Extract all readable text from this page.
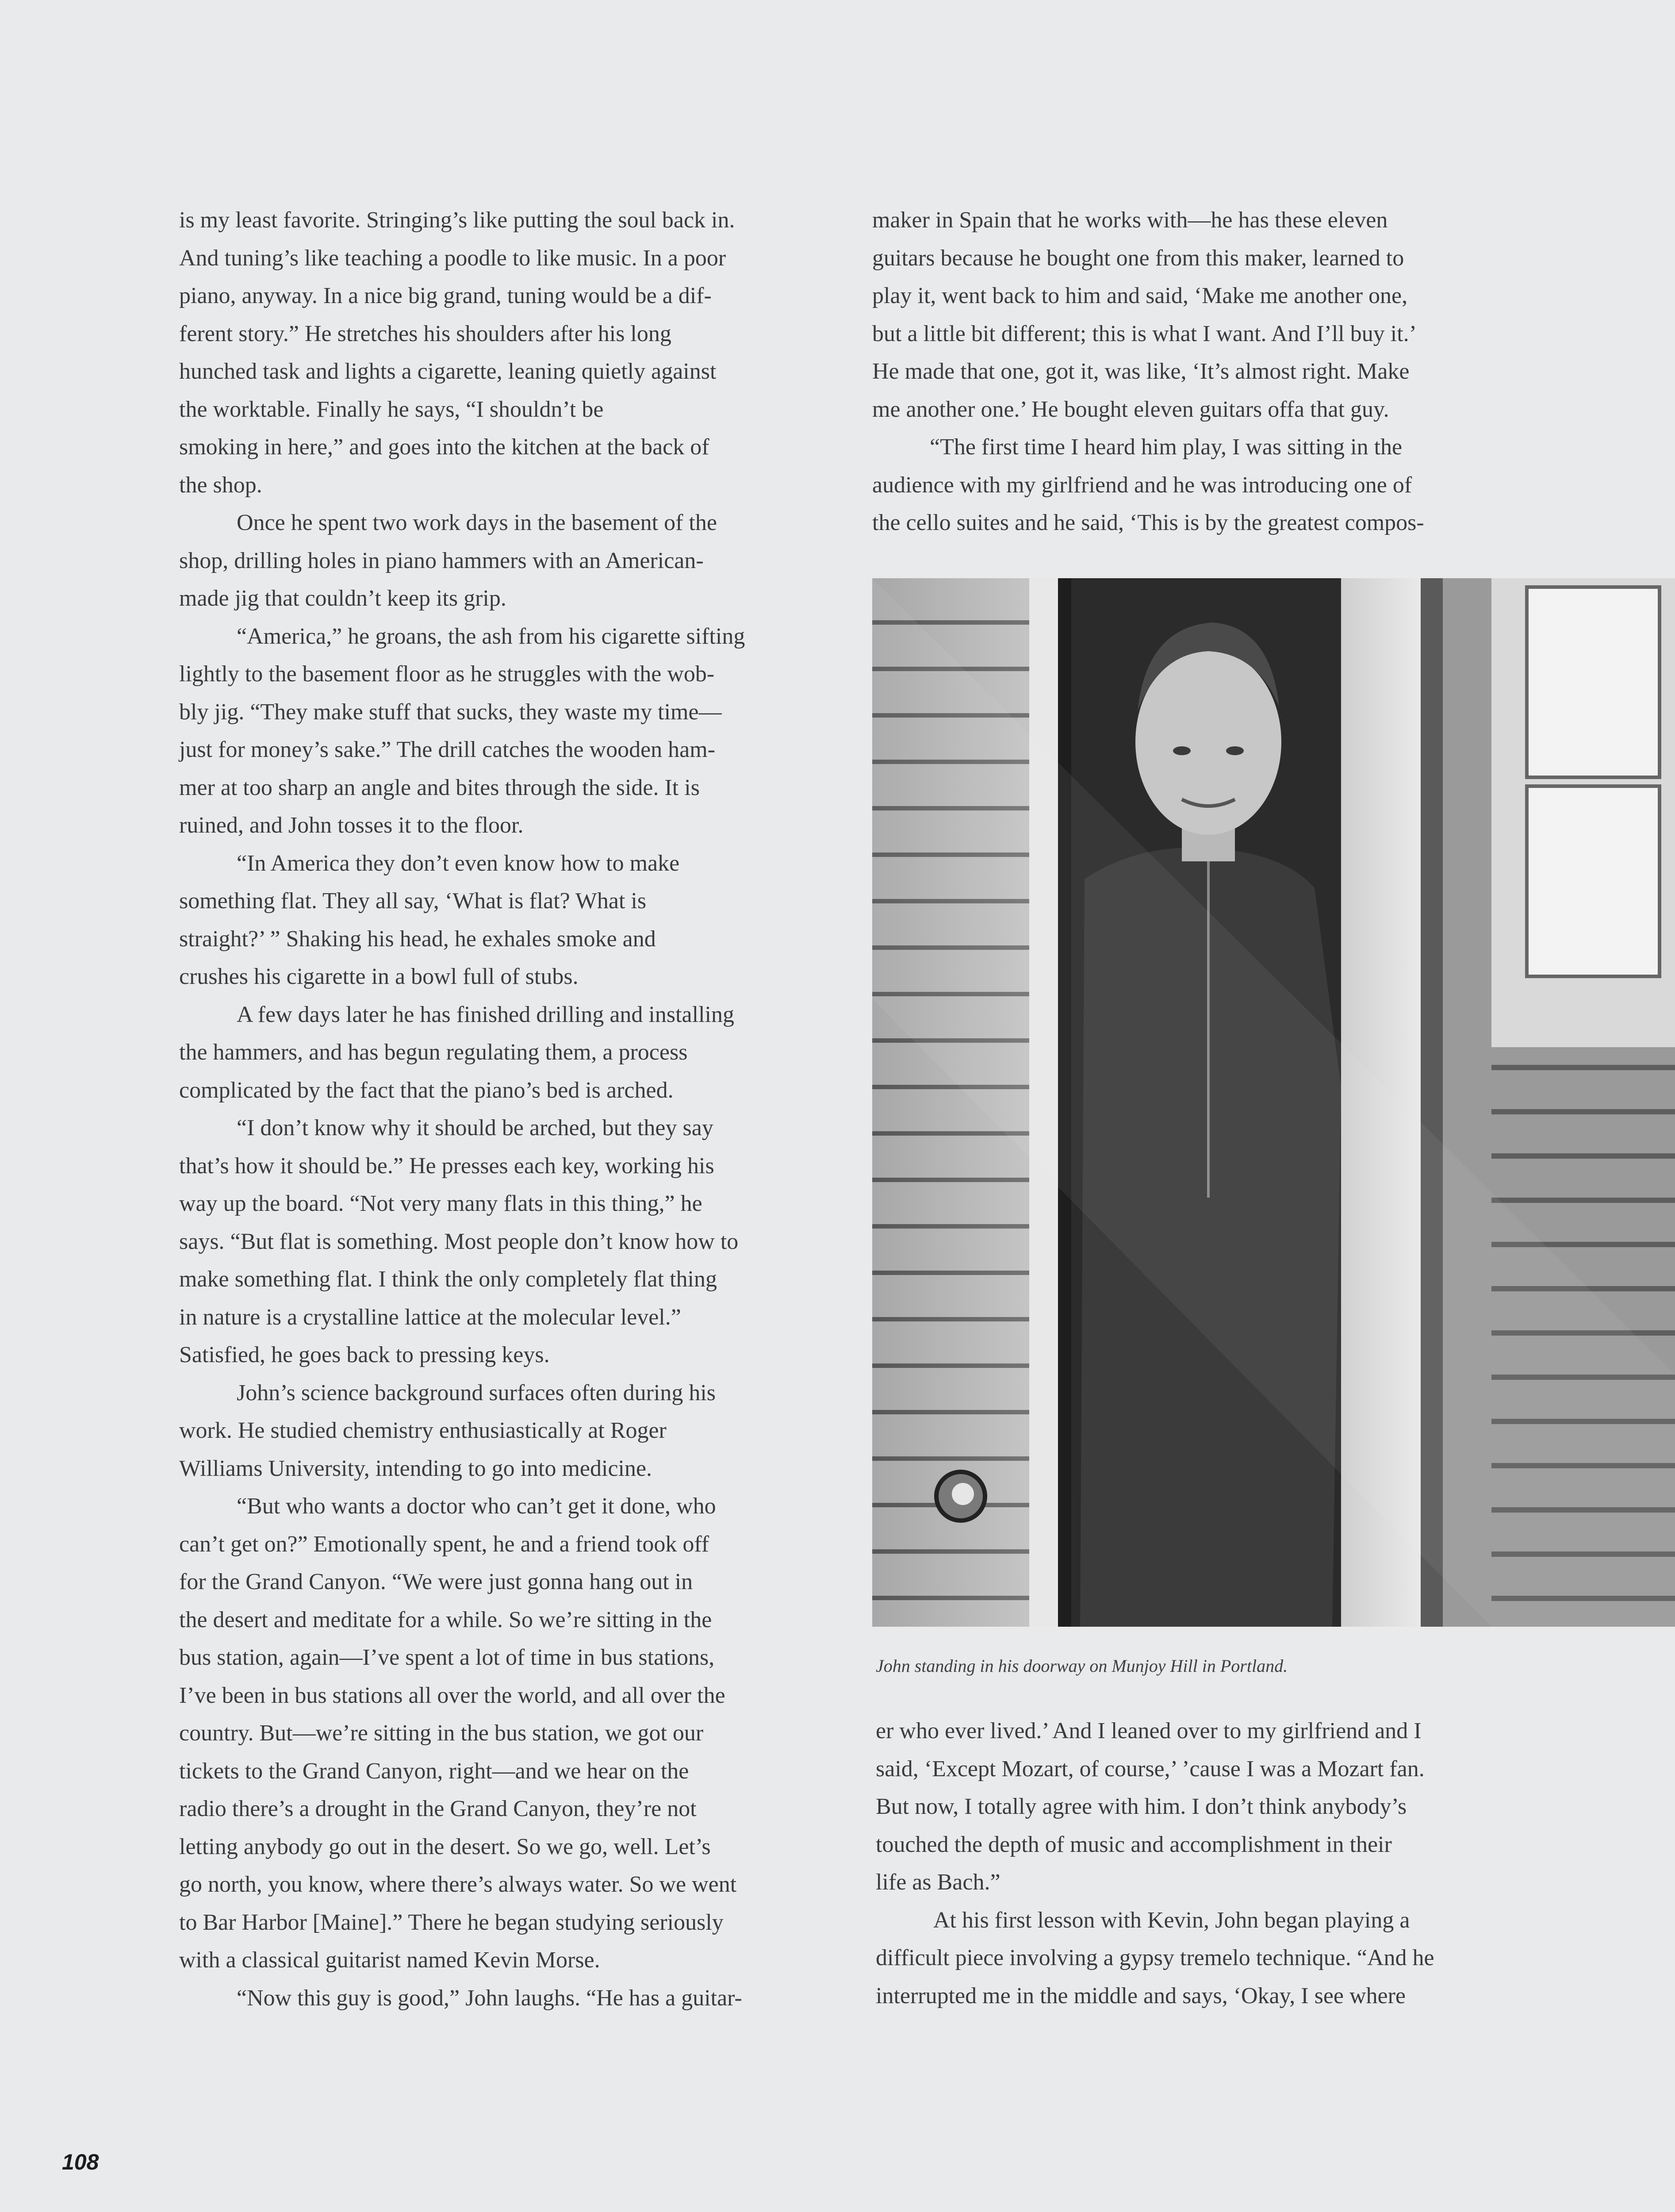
is my least favorite. Stringing’s like putting the soul back in.
And tuning’s like teaching a poodle to like music. In a poor
piano, anyway. In a nice big grand, tuning would be a dif-
ferent story.” He stretches his shoulders after his long
hunched task and lights a cigarette, leaning quietly against
the worktable. Finally he says, “I shouldn’t be
smoking in here,” and goes into the kitchen at the back of
the shop.
Once he spent two work days in the basement of the
shop, drilling holes in piano hammers with an American-
made jig that couldn’t keep its grip.
“America,” he groans, the ash from his cigarette sifting
lightly to the basement floor as he struggles with the wob-
bly jig. “They make stuff that sucks, they waste my time—
just for money’s sake.” The drill catches the wooden ham-
mer at too sharp an angle and bites through the side. It is
ruined, and John tosses it to the floor.
“In America they don’t even know how to make
something flat. They all say, ‘What is flat? What is
straight?’ ” Shaking his head, he exhales smoke and
crushes his cigarette in a bowl full of stubs.
A few days later he has finished drilling and installing
the hammers, and has begun regulating them, a process
complicated by the fact that the piano’s bed is arched.
“I don’t know why it should be arched, but they say
that’s how it should be.” He presses each key, working his
way up the board. “Not very many flats in this thing,” he
says. “But flat is something. Most people don’t know how to
make something flat. I think the only completely flat thing
in nature is a crystalline lattice at the molecular level.”
Satisfied, he goes back to pressing keys.
John’s science background surfaces often during his
work. He studied chemistry enthusiastically at Roger
Williams University, intending to go into medicine.
“But who wants a doctor who can’t get it done, who
can’t get on?” Emotionally spent, he and a friend took off
for the Grand Canyon. “We were just gonna hang out in
the desert and meditate for a while. So we’re sitting in the
bus station, again—I’ve spent a lot of time in bus stations,
I’ve been in bus stations all over the world, and all over the
country. But—we’re sitting in the bus station, we got our
tickets to the Grand Canyon, right—and we hear on the
radio there’s a drought in the Grand Canyon, they’re not
letting anybody go out in the desert. So we go, well. Let’s
go north, you know, where there’s always water. So we went
to Bar Harbor [Maine].” There he began studying seriously
with a classical guitarist named Kevin Morse.
“Now this guy is good,” John laughs. “He has a guitar-
maker in Spain that he works with—he has these eleven
guitars because he bought one from this maker, learned to
play it, went back to him and said, ‘Make me another one,
but a little bit different; this is what I want. And I’ll buy it.’
He made that one, got it, was like, ‘It’s almost right. Make
me another one.’ He bought eleven guitars offa that guy.
“The first time I heard him play, I was sitting in the
audience with my girlfriend and he was introducing one of
the cello suites and he said, ‘This is by the greatest compos-
John standing in his doorway on Munjoy Hill in Portland.
er who ever lived.’ And I leaned over to my girlfriend and I
said, ‘Except Mozart, of course,’ ’cause I was a Mozart fan.
But now, I totally agree with him. I don’t think anybody’s
touched the depth of music and accomplishment in their
life as Bach.”
At his first lesson with Kevin, John began playing a
difficult piece involving a gypsy tremelo technique. “And he
interrupted me in the middle and says, ‘Okay, I see where
108
